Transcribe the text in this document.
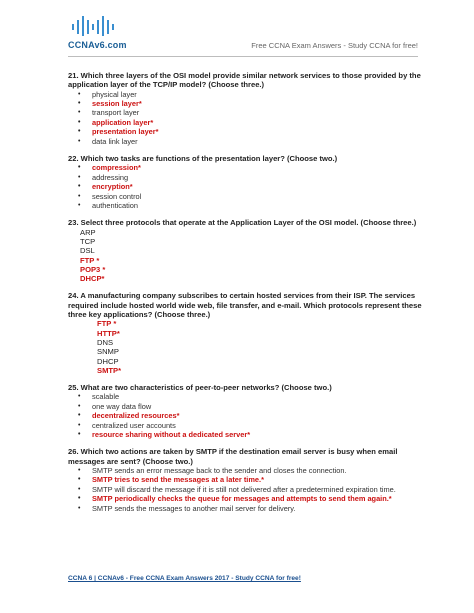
CCNAv6.com	Free CCNA Exam Answers - Study CCNA for free!

21. Which three layers of the OSI model provide similar network services to those provided by the application layer of the TCP/IP model? (Choose three.)

• physical layer
• session layer*
• transport layer
• application layer*
• presentation layer*
• data link layer

22. Which two tasks are functions of the presentation layer? (Choose two.)

• compression*
• addressing
• encryption*
• session control
• authentication

23. Select three protocols that operate at the Application Layer of the OSI model. (Choose three.)

ARP
TCP
DSL
FTP *
POP3 *
DHCP*

24. A manufacturing company subscribes to certain hosted services from their ISP. The services required include hosted world wide web, file transfer, and e-mail. Which protocols represent these three key applications? (Choose three.)

FTP *
HTTP*
DNS
SNMP
DHCP
SMTP*

25. What are two characteristics of peer-to-peer networks? (Choose two.)

• scalable
• one way data flow
• decentralized resources*
• centralized user accounts
• resource sharing without a dedicated server*

26. Which two actions are taken by SMTP if the destination email server is busy when email messages are sent? (Choose two.)

• SMTP sends an error message back to the sender and closes the connection.
• SMTP tries to send the messages at a later time.*
• SMTP will discard the message if it is still not delivered after a predetermined expiration time.
• SMTP periodically checks the queue for messages and attempts to send them again.*
• SMTP sends the messages to another mail server for delivery.
CCNA 6 | CCNAv6 - Free CCNA Exam Answers 2017 - Study CCNA for free!
